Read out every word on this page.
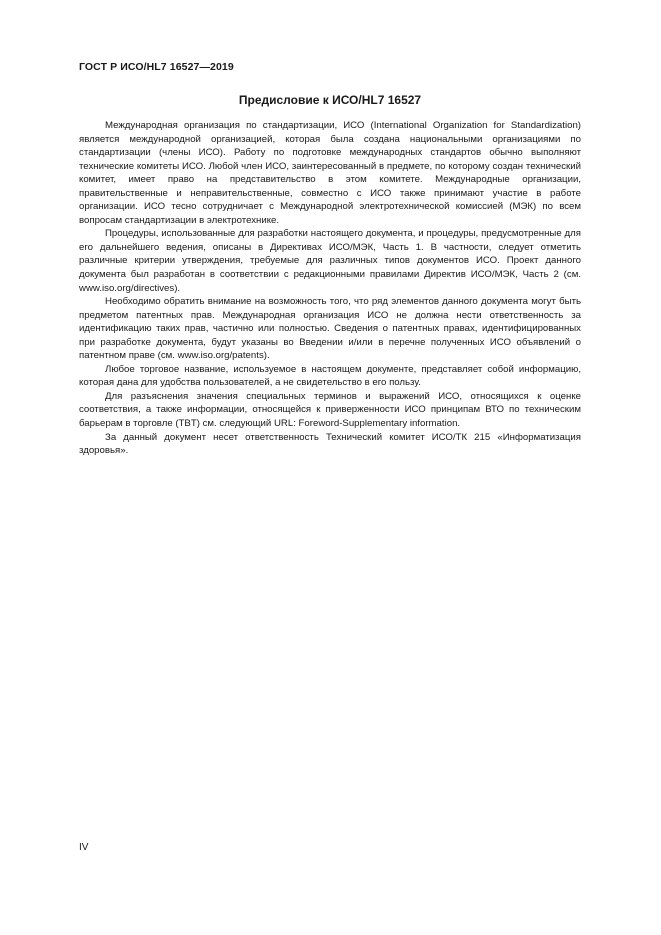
ГОСТ Р ИСО/HL7 16527—2019
Предисловие к ИСО/HL7 16527

Международная организация по стандартизации, ИСО (International Organization for Standardization) является международной организацией, которая была создана национальными организациями по стандартизации (члены ИСО). Работу по подготовке международных стандартов обычно выполняют технические комитеты ИСО. Любой член ИСО, заинтересованный в предмете, по которому создан технический комитет, имеет право на представительство в этом комитете. Международные организации, правительственные и неправительственные, совместно с ИСО также принимают участие в работе организации. ИСО тесно сотрудничает с Международной электротехнической комиссией (МЭК) по всем вопросам стандартизации в электротехнике.

Процедуры, использованные для разработки настоящего документа, и процедуры, предусмотренные для его дальнейшего ведения, описаны в Директивах ИСО/МЭК, Часть 1. В частности, следует отметить различные критерии утверждения, требуемые для различных типов документов ИСО. Проект данного документа был разработан в соответствии с редакционными правилами Директив ИСО/МЭК, Часть 2 (см. www.iso.org/directives).

Необходимо обратить внимание на возможность того, что ряд элементов данного документа могут быть предметом патентных прав. Международная организация ИСО не должна нести ответственность за идентификацию таких прав, частично или полностью. Сведения о патентных правах, идентифицированных при разработке документа, будут указаны во Введении и/или в перечне полученных ИСО объявлений о патентном праве (см. www.iso.org/patents).

Любое торговое название, используемое в настоящем документе, представляет собой информацию, которая дана для удобства пользователей, а не свидетельство в его пользу.

Для разъяснения значения специальных терминов и выражений ИСО, относящихся к оценке соответствия, а также информации, относящейся к приверженности ИСО принципам ВТО по техническим барьерам в торговле (TBT) см. следующий URL: Foreword-Supplementary information.

За данный документ несет ответственность Технический комитет ИСО/ТК 215 «Информатизация здоровья».

IV
